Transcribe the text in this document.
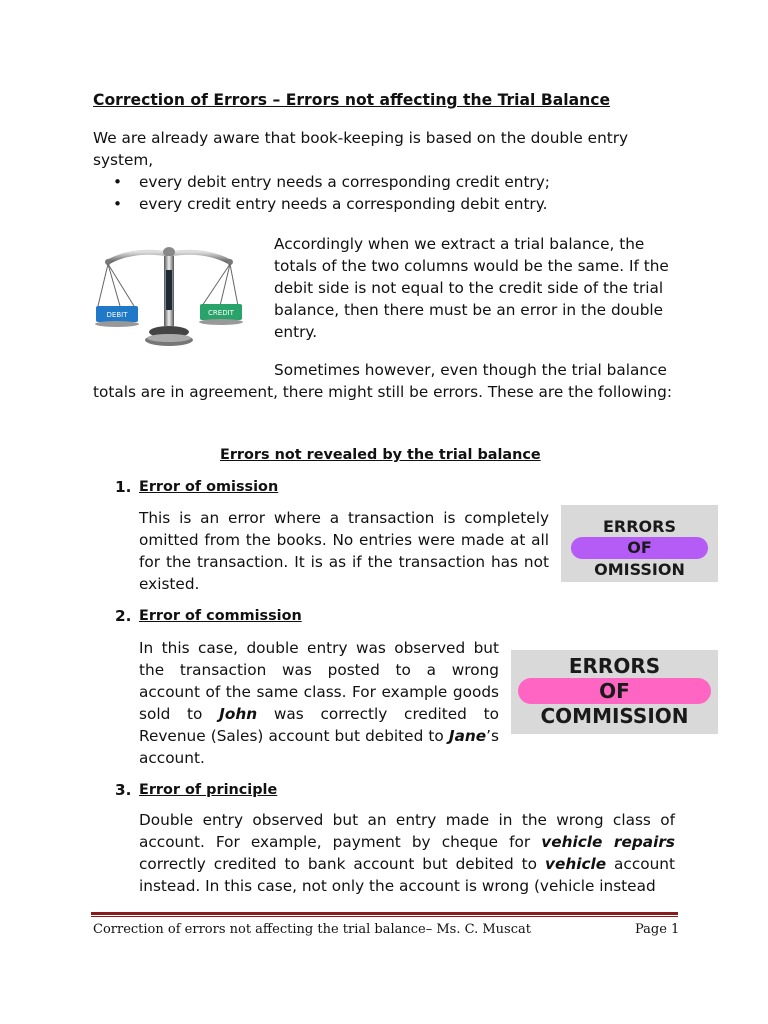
Correction of Errors – Errors not affecting the Trial Balance
We are already aware that book-keeping is based on the double entry system,
• every debit entry needs a corresponding credit entry;
• every credit entry needs a corresponding debit entry.
DEBIT	CREDIT
Accordingly when we extract a trial balance, the totals of the two columns would be the same. If the debit side is not equal to the credit side of the trial balance, then there must be an error in the double entry.
Sometimes however, even though the trial balance totals are in agreement, there might still be errors. These are the following:
Errors not revealed by the trial balance
1. Error of omission
This is an error where a transaction is completely omitted from the books. No entries were made at all for the transaction. It is as if the transaction has not existed.
ERRORS
OF
OMISSION
2. Error of commission
In this case, double entry was observed but the transaction was posted to a wrong account of the same class. For example goods sold to John was correctly credited to Revenue (Sales) account but debited to Jane’s account.
ERRORS
OF
COMMISSION
3. Error of principle
Double entry observed but an entry made in the wrong class of account. For example, payment by cheque for vehicle repairs correctly credited to bank account but debited to vehicle account instead. In this case, not only the account is wrong (vehicle instead
Correction of errors not affecting the trial balance– Ms. C. Muscat	Page 1
